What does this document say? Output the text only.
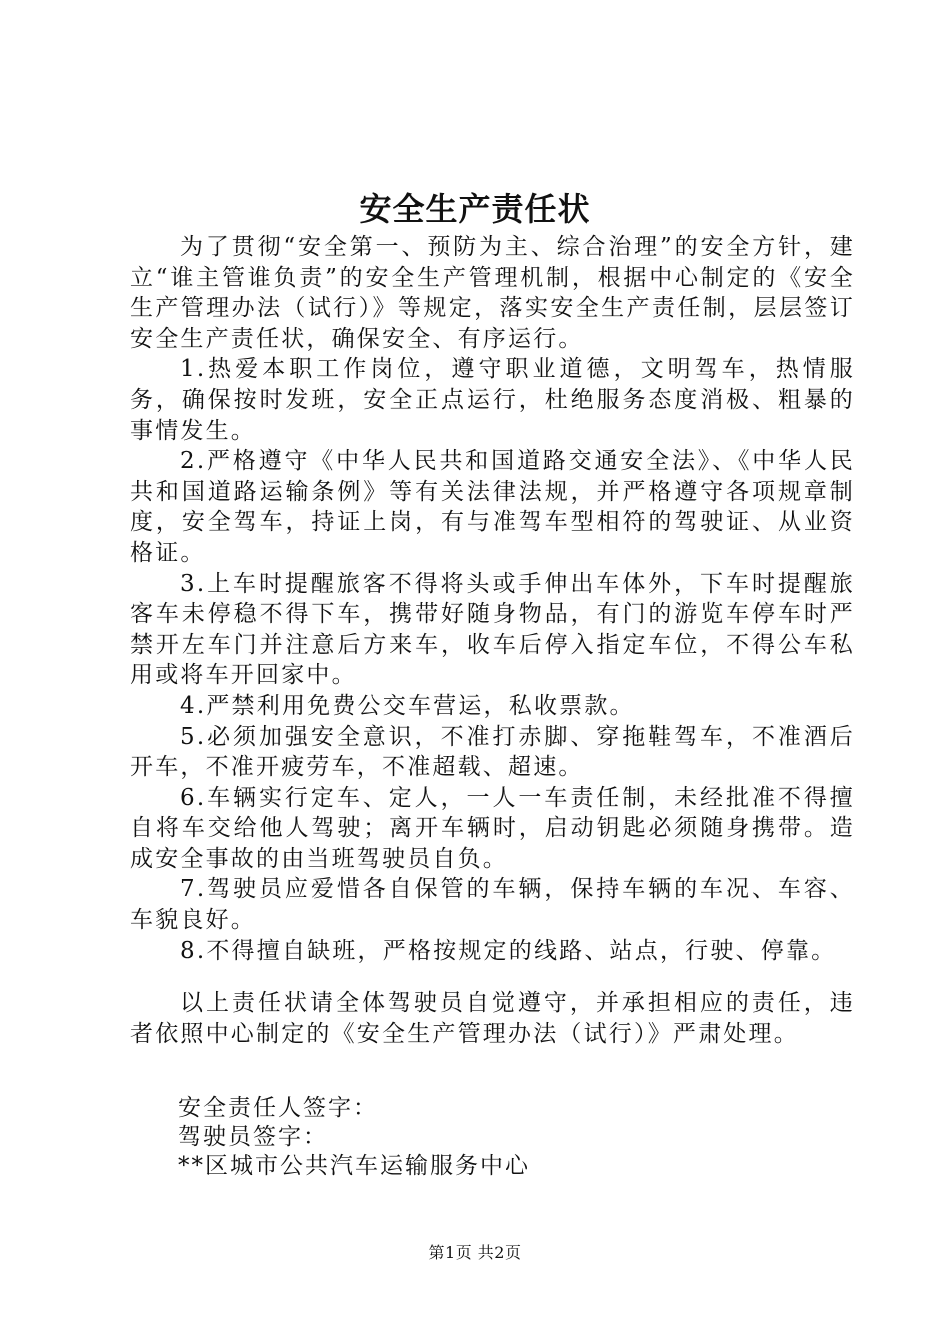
安全生产责任状

为了贯彻“安全第一、预防为主、综合治理”的安全方针，建立“谁主管谁负责”的安全生产管理机制，根据中心制定的《安全生产管理办法（试行）》等规定，落实安全生产责任制，层层签订安全生产责任状，确保安全、有序运行。

1.热爱本职工作岗位，遵守职业道德，文明驾车，热情服务，确保按时发班，安全正点运行，杜绝服务态度消极、粗暴的事情发生。

2.严格遵守《中华人民共和国道路交通安全法》、《中华人民共和国道路运输条例》等有关法律法规，并严格遵守各项规章制度，安全驾车，持证上岗，有与准驾车型相符的驾驶证、从业资格证。

3.上车时提醒旅客不得将头或手伸出车体外，下车时提醒旅客车未停稳不得下车，携带好随身物品，有门的游览车停车时严禁开左车门并注意后方来车，收车后停入指定车位，不得公车私用或将车开回家中。

4.严禁利用免费公交车营运，私收票款。

5.必须加强安全意识，不准打赤脚、穿拖鞋驾车，不准酒后开车，不准开疲劳车，不准超载、超速。

6.车辆实行定车、定人，一人一车责任制，未经批准不得擅自将车交给他人驾驶；离开车辆时，启动钥匙必须随身携带。造成安全事故的由当班驾驶员自负。

7.驾驶员应爱惜各自保管的车辆，保持车辆的车况、车容、车貌良好。

8.不得擅自缺班，严格按规定的线路、站点，行驶、停靠。

以上责任状请全体驾驶员自觉遵守，并承担相应的责任，违者依照中心制定的《安全生产管理办法（试行）》严肃处理。

安全责任人签字：
驾驶员签字：
**区城市公共汽车运输服务中心
第1页 共2页
